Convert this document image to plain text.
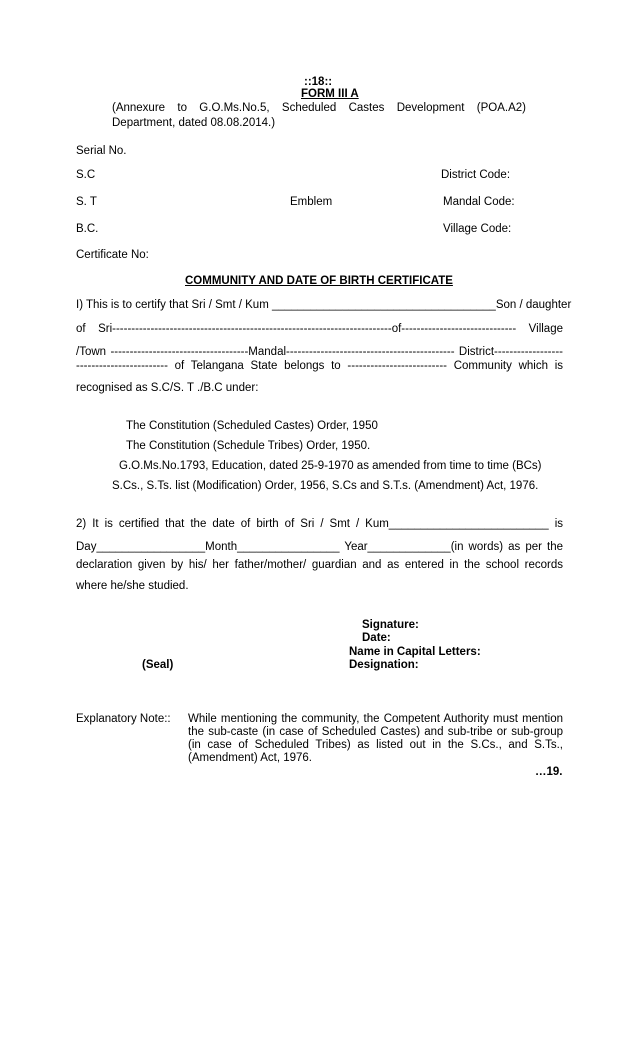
::18::
FORM III A
(Annexure to G.O.Ms.No.5, Scheduled Castes Development (POA.A2)
Department, dated 08.08.2014.)
Serial No.
S.C	District Code:
S. T	Emblem	Mandal Code:
B.C.	Village Code:
Certificate No:
COMMUNITY AND DATE OF BIRTH CERTIFICATE
I) This is to certify that Sri / Smt / Kum ___________________________________Son / daughter
of Sri-------------------------------------------------------------------------of------------------------------ Village
/Town ------------------------------------Mandal-------------------------------------------- District------------------
------------------------ of Telangana State belongs to -------------------------- Community which is
recognised as S.C/S. T ./B.C under:
The Constitution (Scheduled Castes) Order, 1950
The Constitution (Schedule Tribes) Order, 1950.
G.O.Ms.No.1793, Education, dated 25-9-1970 as amended from time to time (BCs)
S.Cs., S.Ts. list (Modification) Order, 1956, S.Cs and S.T.s. (Amendment) Act, 1976.
2) It is certified that the date of birth of Sri / Smt / Kum_________________________ is
Day_________________Month________________ Year_____________(in words) as per the
declaration given by his/ her father/mother/ guardian and as entered in the school records
where he/she studied.
Signature:
Date:
Name in Capital Letters:
(Seal)	Designation:
Explanatory Note:: While mentioning the community, the Competent Authority must mention
the sub-caste (in case of Scheduled Castes) and sub-tribe or sub-group
(in case of Scheduled Tribes) as listed out in the S.Cs., and S.Ts.,
(Amendment) Act, 1976.
…19.
